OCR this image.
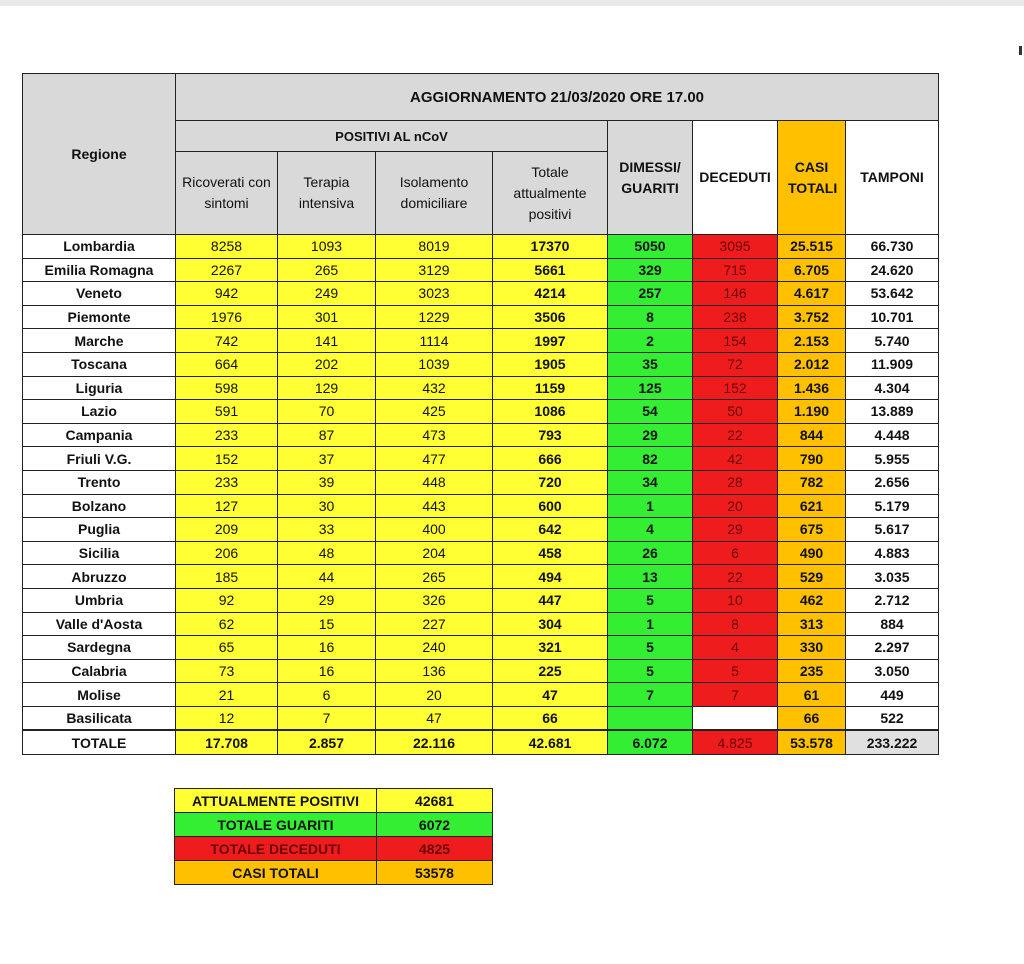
Regione	AGGIORNAMENTO 21/03/2020 ORE 17.00							
	POSITIVI AL nCoV				DIMESSI/ GUARITI	DECEDUTI	CASI TOTALI	TAMPONI
	Ricoverati con sintomi	Terapia intensiva	Isolamento domiciliare	Totale attualmente positivi				
Lombardia	8258	1093	8019	17370	5050	3095	25.515	66.730
Emilia Romagna	2267	265	3129	5661	329	715	6.705	24.620
Veneto	942	249	3023	4214	257	146	4.617	53.642
Piemonte	1976	301	1229	3506	8	238	3.752	10.701
Marche	742	141	1114	1997	2	154	2.153	5.740
Toscana	664	202	1039	1905	35	72	2.012	11.909
Liguria	598	129	432	1159	125	152	1.436	4.304
Lazio	591	70	425	1086	54	50	1.190	13.889
Campania	233	87	473	793	29	22	844	4.448
Friuli V.G.	152	37	477	666	82	42	790	5.955
Trento	233	39	448	720	34	28	782	2.656
Bolzano	127	30	443	600	1	20	621	5.179
Puglia	209	33	400	642	4	29	675	5.617
Sicilia	206	48	204	458	26	6	490	4.883
Abruzzo	185	44	265	494	13	22	529	3.035
Umbria	92	29	326	447	5	10	462	2.712
Valle d'Aosta	62	15	227	304	1	8	313	884
Sardegna	65	16	240	321	5	4	330	2.297
Calabria	73	16	136	225	5	5	235	3.050
Molise	21	6	20	47	7	7	61	449
Basilicata	12	7	47	66			66	522
TOTALE	17.708	2.857	22.116	42.681	6.072	4.825	53.578	233.222
ATTUALMENTE POSITIVI	42681
TOTALE GUARITI	6072
TOTALE DECEDUTI	4825
CASI TOTALI	53578
